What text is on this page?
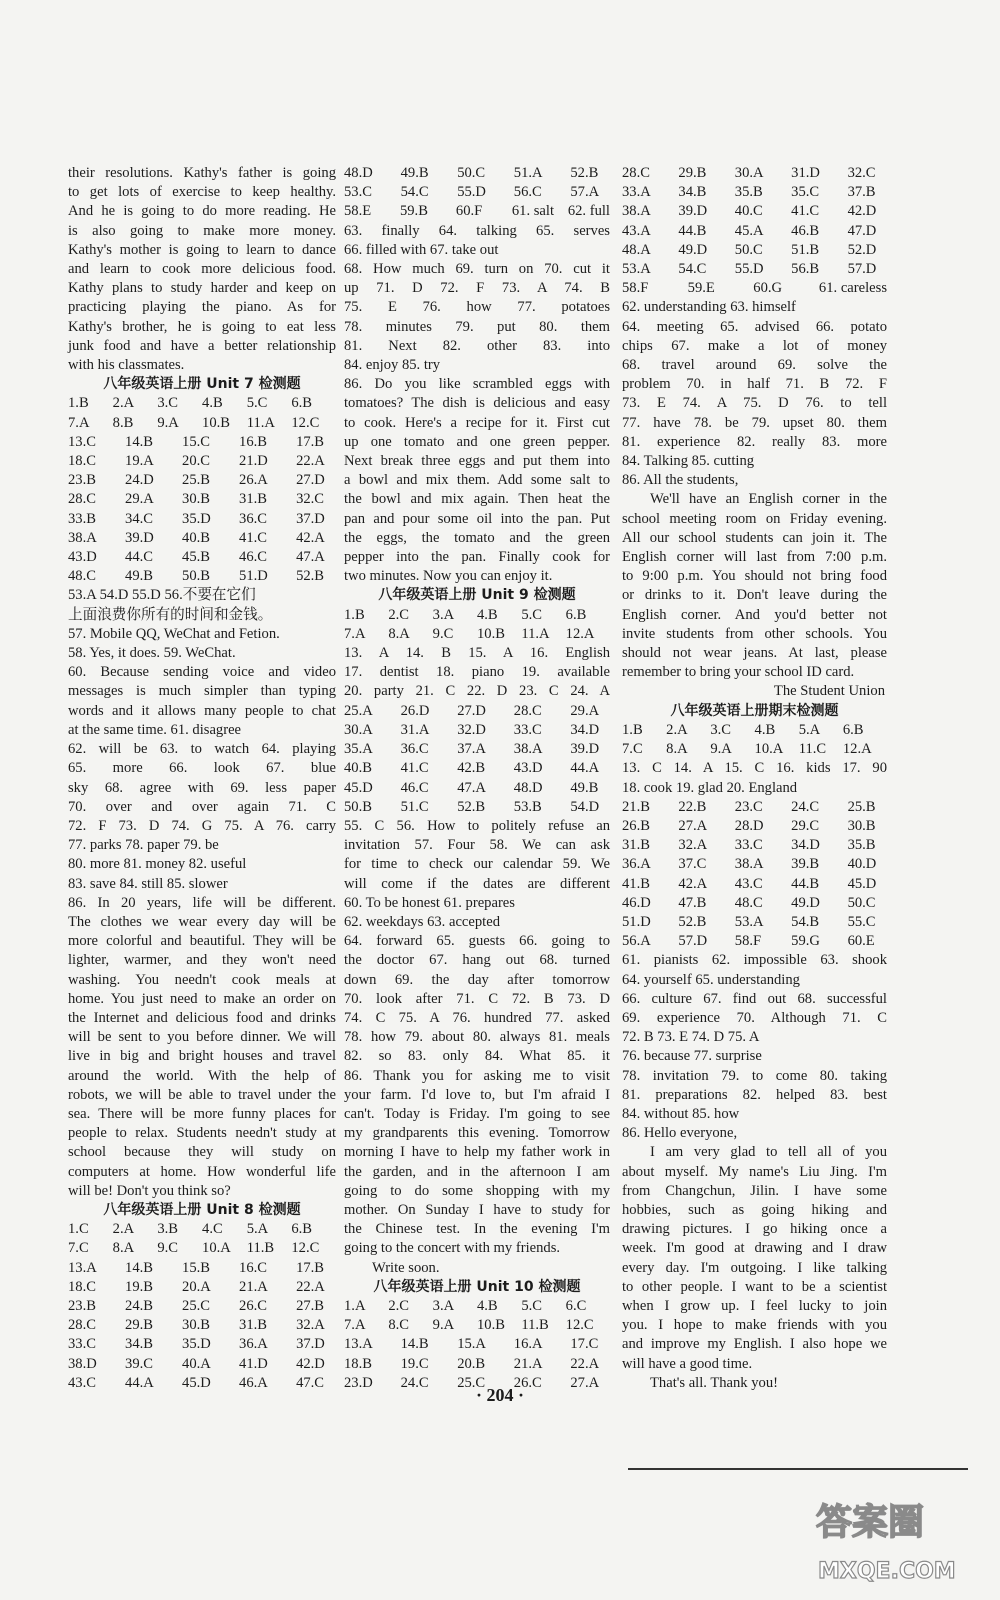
their resolutions. Kathy's father is going

to get lots of exercise to keep healthy.

And he is going to do more reading. He

is also going to make more money.

Kathy's mother is going to learn to dance

and learn to cook more delicious food.

Kathy plans to study harder and keep on

practicing playing the piano. As for

Kathy's brother, he is going to eat less

junk food and have a better relationship

with his classmates.

八年级英语上册 Unit 7 检测题

1.B	2.A	3.C	4.B	5.C	6.B
7.A	8.B	9.A	10.B	11.A	12.C
13.C	14.B	15.C	16.B	17.B
18.C	19.A	20.C	21.D	22.A
23.B	24.D	25.B	26.A	27.D
28.C	29.A	30.B	31.B	32.C
33.B	34.C	35.D	36.C	37.D
38.A	39.D	40.B	41.C	42.A
43.D	44.C	45.B	46.C	47.A
48.C	49.B	50.B	51.D	52.B

53.A 54.D 55.D 56.不要在它们

上面浪费你所有的时间和金钱。

57. Mobile QQ, WeChat and Fetion.

58. Yes, it does. 59. WeChat.

60. Because sending voice and video

messages is much simpler than typing

words and it allows many people to chat

at the same time. 61. disagree

62. will be 63. to watch 64. playing

65. more 66. look 67. blue

sky 68. agree with 69. less paper

70. over and over again 71. C

72. F 73. D 74. G 75. A 76. carry

77. parks 78. paper 79. be

80. more 81. money 82. useful

83. save 84. still 85. slower

86. In 20 years, life will be different.

The clothes we wear every day will be

more colorful and beautiful. They will be

lighter, warmer, and they won't need

washing. You needn't cook meals at

home. You just need to make an order on

the Internet and delicious food and drinks

will be sent to you before dinner. We will

live in big and bright houses and travel

around the world. With the help of

robots, we will be able to travel under the

sea. There will be more funny places for

people to relax. Students needn't study at

school because they will study on

computers at home. How wonderful life

will be! Don't you think so?

八年级英语上册 Unit 8 检测题

1.C	2.A	3.B	4.C	5.A	6.B
7.C	8.A	9.C	10.A	11.B	12.C
13.A	14.B	15.B	16.C	17.B
18.C	19.B	20.A	21.A	22.A
23.B	24.B	25.C	26.C	27.B
28.C	29.B	30.B	31.B	32.A
33.C	34.B	35.D	36.A	37.D
38.D	39.C	40.A	41.D	42.D
43.C	44.A	45.D	46.A	47.C
48.D	49.B	50.C	51.A	52.B
53.C	54.C	55.D	56.C	57.A
58.E	59.B	60.F	61. salt 62. full

63. finally 64. talking 65. serves

66. filled with 67. take out

68. How much 69. turn on 70. cut it

up 71. D 72. F 73. A 74. B

75. E 76. how 77. potatoes

78. minutes 79. put 80. them

81. Next 82. other 83. into

84. enjoy 85. try

86. Do you like scrambled eggs with

tomatoes? The dish is delicious and easy

to cook. Here's a recipe for it. First cut

up one tomato and one green pepper.

Next break three eggs and put them into

a bowl and mix them. Add some salt to

the bowl and mix again. Then heat the

pan and pour some oil into the pan. Put

the eggs, the tomato and the green

pepper into the pan. Finally cook for

two minutes. Now you can enjoy it.

八年级英语上册 Unit 9 检测题

1.B	2.C	3.A	4.B	5.C	6.B
7.A	8.A	9.C	10.B	11.A	12.A

13. A 14. B 15. A 16. English

17. dentist 18. piano 19. available

20. party 21. C 22. D 23. C 24. A

25.A	26.D	27.D	28.C	29.A
30.A	31.A	32.D	33.C	34.D
35.A	36.C	37.A	38.A	39.D
40.B	41.C	42.B	43.D	44.A
45.D	46.C	47.A	48.D	49.B
50.B	51.C	52.B	53.B	54.D

55. C 56. How to politely refuse an

invitation 57. Four 58. We can ask

for time to check our calendar 59. We

will come if the dates are different

60. To be honest 61. prepares

62. weekdays 63. accepted

64. forward 65. guests 66. going to

the doctor 67. hang out 68. turned

down 69. the day after tomorrow

70. look after 71. C 72. B 73. D

74. C 75. A 76. hundred 77. asked

78. how 79. about 80. always 81. meals

82. so 83. only 84. What 85. it

86. Thank you for asking me to visit

your farm. I'd love to, but I'm afraid I

can't. Today is Friday. I'm going to see

my grandparents this evening. Tomorrow

morning I have to help my father work in

the garden, and in the afternoon I am

going to do some shopping with my

mother. On Sunday I have to study for

the Chinese test. In the evening I'm

going to the concert with my friends.

Write soon.

八年级英语上册 Unit 10 检测题

1.A	2.C	3.A	4.B	5.C	6.C
7.A	8.C	9.A	10.B	11.B	12.C
13.A	14.B	15.A	16.A	17.C
18.B	19.C	20.B	21.A	22.A
23.D	24.C	25.C	26.C	27.A
28.C	29.B	30.A	31.D	32.C
33.A	34.B	35.B	35.C	37.B
38.A	39.D	40.C	41.C	42.D
43.A	44.B	45.A	46.B	47.D
48.A	49.D	50.C	51.B	52.D
53.A	54.C	55.D	56.B	57.D
58.F	59.E	60.G	61. careless

62. understanding 63. himself

64. meeting 65. advised 66. potato

chips 67. make a lot of money

68. travel around 69. solve the

problem 70. in half 71. B 72. F

73. E 74. A 75. D 76. to tell

77. have 78. be 79. upset 80. them

81. experience 82. really 83. more

84. Talking 85. cutting

86. All the students,

We'll have an English corner in the

school meeting room on Friday evening.

All our school students can join it. The

English corner will last from 7:00 p.m.

to 9:00 p.m. You should not bring food

or drinks to it. Don't leave during the

English corner. And you'd better not

invite students from other schools. You

should not wear jeans. At last, please

remember to bring your school ID card.

The Student Union

八年级英语上册期末检测题

1.B	2.A	3.C	4.B	5.A	6.B
7.C	8.A	9.A	10.A	11.C	12.A

13. C 14. A 15. C 16. kids 17. 90

18. cook 19. glad 20. England

21.B	22.B	23.C	24.C	25.B
26.B	27.A	28.D	29.C	30.B
31.B	32.A	33.C	34.D	35.B
36.A	37.C	38.A	39.B	40.D
41.B	42.A	43.C	44.B	45.D
46.D	47.B	48.C	49.D	50.C
51.D	52.B	53.A	54.B	55.C
56.A	57.D	58.F	59.G	60.E

61. pianists 62. impossible 63. shook

64. yourself 65. understanding

66. culture 67. find out 68. successful

69. experience 70. Although 71. C

72. B 73. E 74. D 75. A

76. because 77. surprise

78. invitation 79. to come 80. taking

81. preparations 82. helped 83. best

84. without 85. how

86. Hello everyone,

I am very glad to tell all of you

about myself. My name's Liu Jing. I'm

from Changchun, Jilin. I have some

hobbies, such as going hiking and

drawing pictures. I go hiking once a

week. I'm good at drawing and I draw

every day. I'm outgoing. I like talking

to other people. I want to be a scientist

when I grow up. I feel lucky to join

you. I hope to make friends with you

and improve my English. I also hope we

will have a good time.

That's all. Thank you!

· 204 ·
答案圈
MXQE.COM
